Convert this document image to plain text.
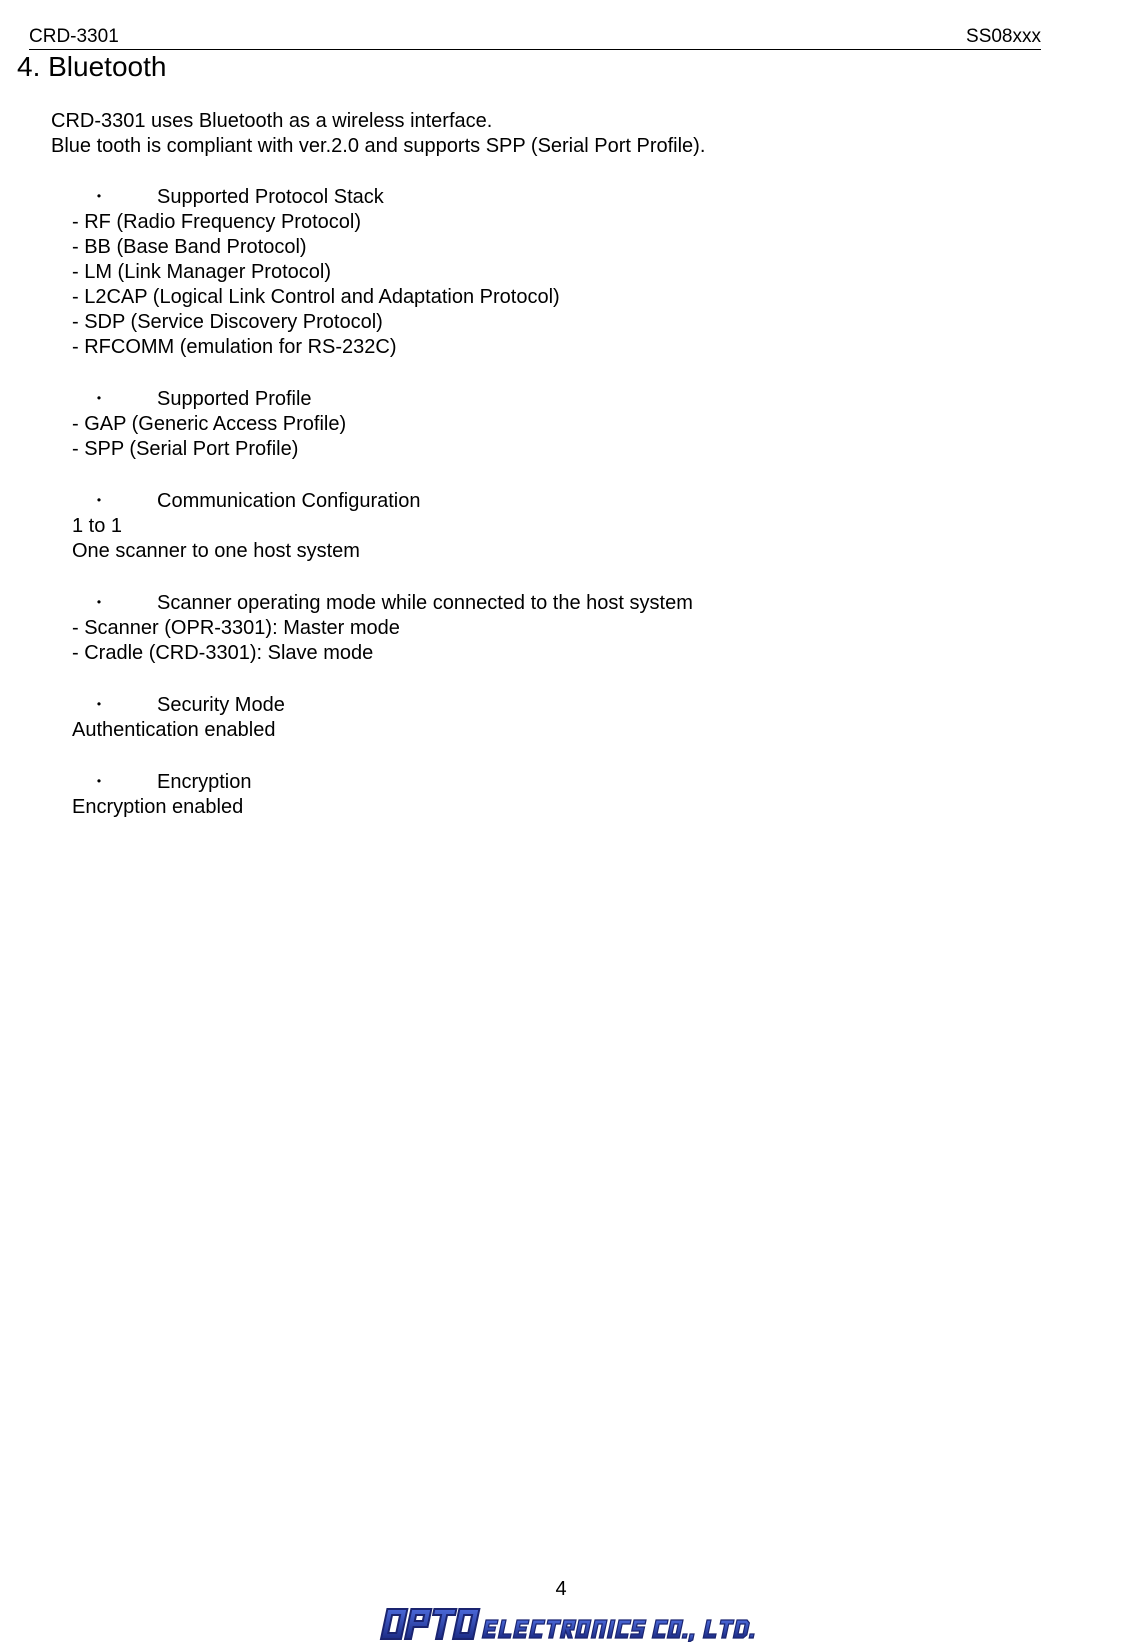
CRD-3301	SS08xxx
4. Bluetooth
CRD-3301 uses Bluetooth as a wireless interface.
Blue tooth is compliant with ver.2.0 and supports SPP (Serial Port Profile).
・ Supported Protocol Stack
- RF (Radio Frequency Protocol)
- BB (Base Band Protocol)
- LM (Link Manager Protocol)
- L2CAP (Logical Link Control and Adaptation Protocol)
- SDP (Service Discovery Protocol)
- RFCOMM (emulation for RS-232C)
・ Supported Profile
- GAP (Generic Access Profile)
- SPP (Serial Port Profile)
・ Communication Configuration
1 to 1
One scanner to one host system
・ Scanner operating mode while connected to the host system
- Scanner (OPR-3301): Master mode
- Cradle (CRD-3301): Slave mode
・ Security Mode
Authentication enabled
・ Encryption
Encryption enabled
4
